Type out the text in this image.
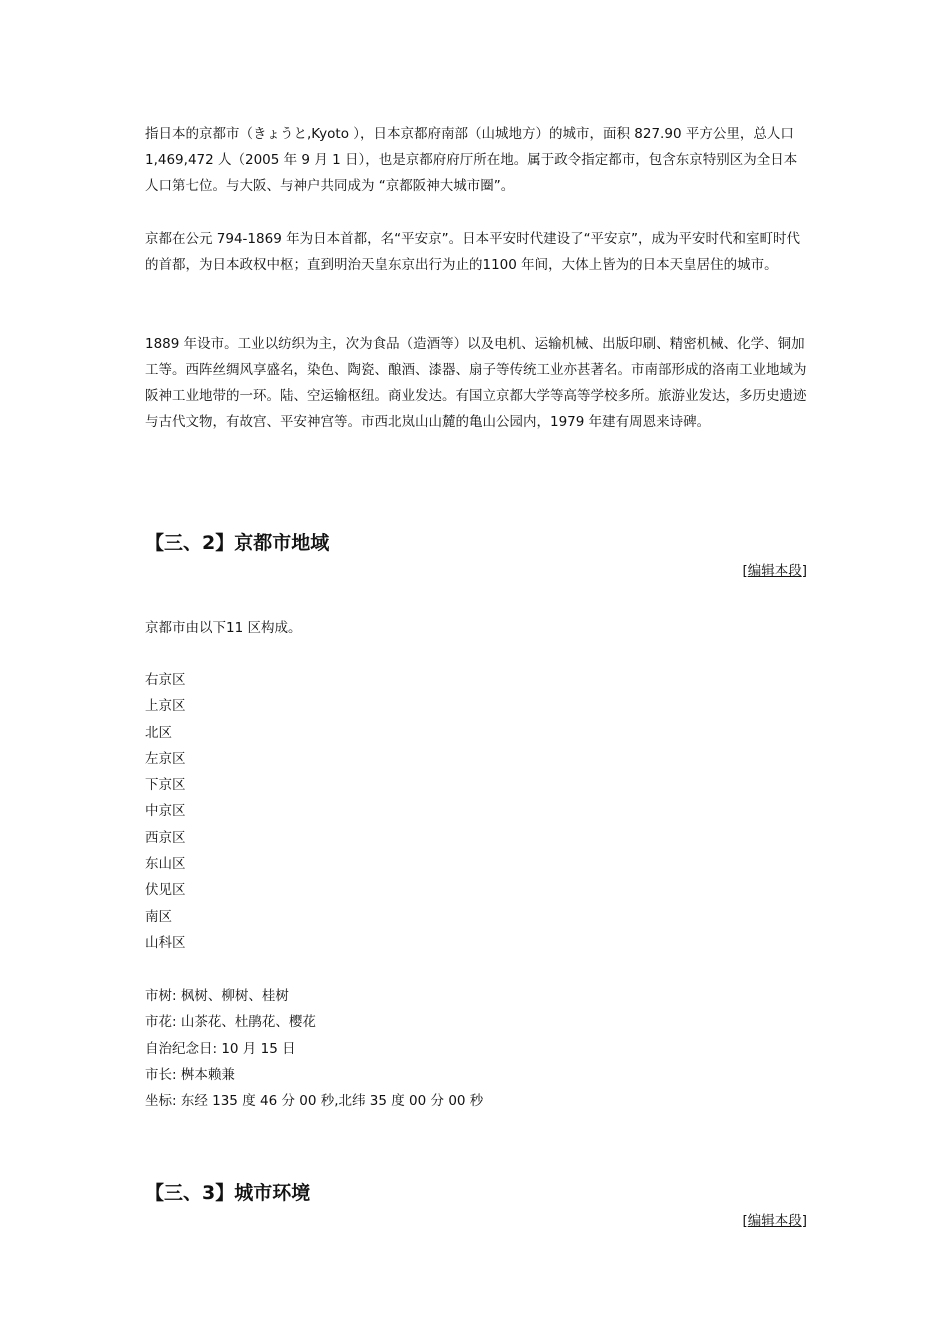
指日本的京都市（きょうと,Kyoto ），日本京都府南部（山城地方）的城市，面积 827.90 平方公里，总人口 1,469,472 人（2005 年 9 月 1 日），也是京都府府厅所在地。属于政令指定都市，包含东京特别区为全日本人口第七位。与大阪、与神户共同成为 “京都阪神大城市圈”。

京都在公元 794-1869 年为日本首都，名“平安京”。日本平安时代建设了“平安京”，成为平安时代和室町时代的首都，为日本政权中枢；直到明治天皇东京出行为止的1100 年间，大体上皆为的日本天皇居住的城市。

1889 年设市。工业以纺织为主，次为食品（造酒等）以及电机、运输机械、出版印刷、精密机械、化学、铜加工等。西阵丝绸风享盛名，染色、陶瓷、酿酒、漆器、扇子等传统工业亦甚著名。市南部形成的洛南工业地域为阪神工业地带的一环。陆、空运输枢纽。商业发达。有国立京都大学等高等学校多所。旅游业发达，多历史遗迹与古代文物，有故宫、平安神宫等。市西北岚山山麓的亀山公园内，1979 年建有周恩来诗碑。

【三、2】京都市地域
[编辑本段]

京都市由以下11 区构成。

右京区
上京区
北区
左京区
下京区
中京区
西京区
东山区
伏见区
南区
山科区
市树: 枫树、柳树、桂树
市花: 山茶花、杜鹃花、樱花
自治纪念日: 10 月 15 日
市长: 桝本赖兼
坐标: 东经 135 度 46 分 00 秒,北纬 35 度 00 分 00 秒
【三、3】城市环境
[编辑本段]
